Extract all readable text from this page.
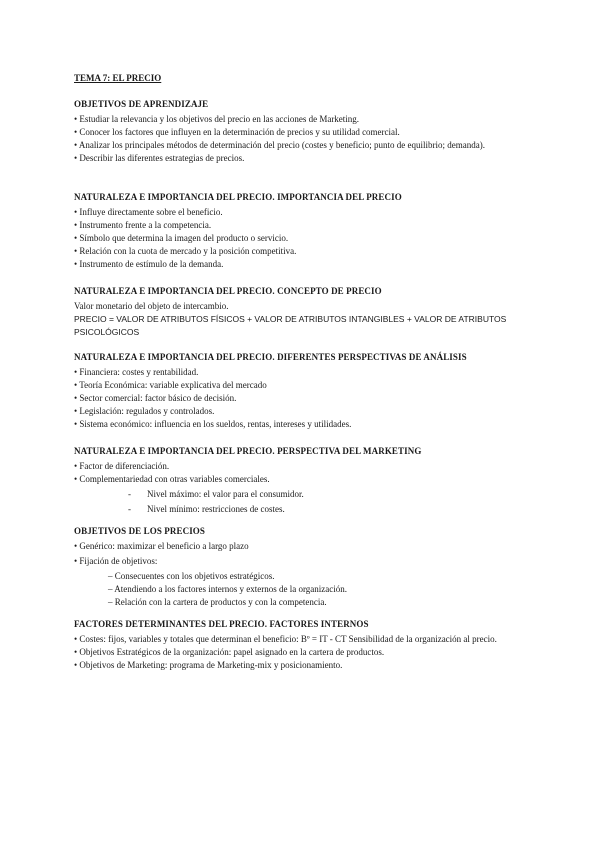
TEMA 7: EL PRECIO
OBJETIVOS DE APRENDIZAJE
• Estudiar la relevancia y los objetivos del precio en las acciones de Marketing.
• Conocer los factores que influyen en la determinación de precios y su utilidad comercial.
• Analizar los principales métodos de determinación del precio (costes y beneficio; punto de equilibrio; demanda).
• Describir las diferentes estrategias de precios.
NATURALEZA E IMPORTANCIA DEL PRECIO. IMPORTANCIA DEL PRECIO
• Influye directamente sobre el beneficio.
• Instrumento frente a la competencia.
• Símbolo que determina la imagen del producto o servicio.
• Relación con la cuota de mercado y la posición competitiva.
• Instrumento de estímulo de la demanda.
NATURALEZA E IMPORTANCIA DEL PRECIO. CONCEPTO DE PRECIO

Valor monetario del objeto de intercambio.

PRECIO = VALOR DE ATRIBUTOS FÍSICOS + VALOR DE ATRIBUTOS INTANGIBLES + VALOR DE ATRIBUTOS PSICOLÓGICOS

NATURALEZA E IMPORTANCIA DEL PRECIO. DIFERENTES PERSPECTIVAS DE ANÁLISIS
• Financiera: costes y rentabilidad.
• Teoría Económica: variable explicativa del mercado
• Sector comercial: factor básico de decisión.
• Legislación: regulados y controlados.
• Sistema económico: influencia en los sueldos, rentas, intereses y utilidades.
NATURALEZA E IMPORTANCIA DEL PRECIO. PERSPECTIVA DEL MARKETING
• Factor de diferenciación.
• Complementariedad con otras variables comerciales.
- Nivel máximo: el valor para el consumidor.
- Nivel mínimo: restricciones de costes.
OBJETIVOS DE LOS PRECIOS
• Genérico: maximizar el beneficio a largo plazo
• Fijación de objetivos:
– Consecuentes con los objetivos estratégicos.
– Atendiendo a los factores internos y externos de la organización.
– Relación con la cartera de productos y con la competencia.
FACTORES DETERMINANTES DEL PRECIO. FACTORES INTERNOS
• Costes: fijos, variables y totales que determinan el beneficio: Bº = IT - CT Sensibilidad de la organización al precio.
• Objetivos Estratégicos de la organización: papel asignado en la cartera de productos.
• Objetivos de Marketing: programa de Marketing-mix y posicionamiento.
